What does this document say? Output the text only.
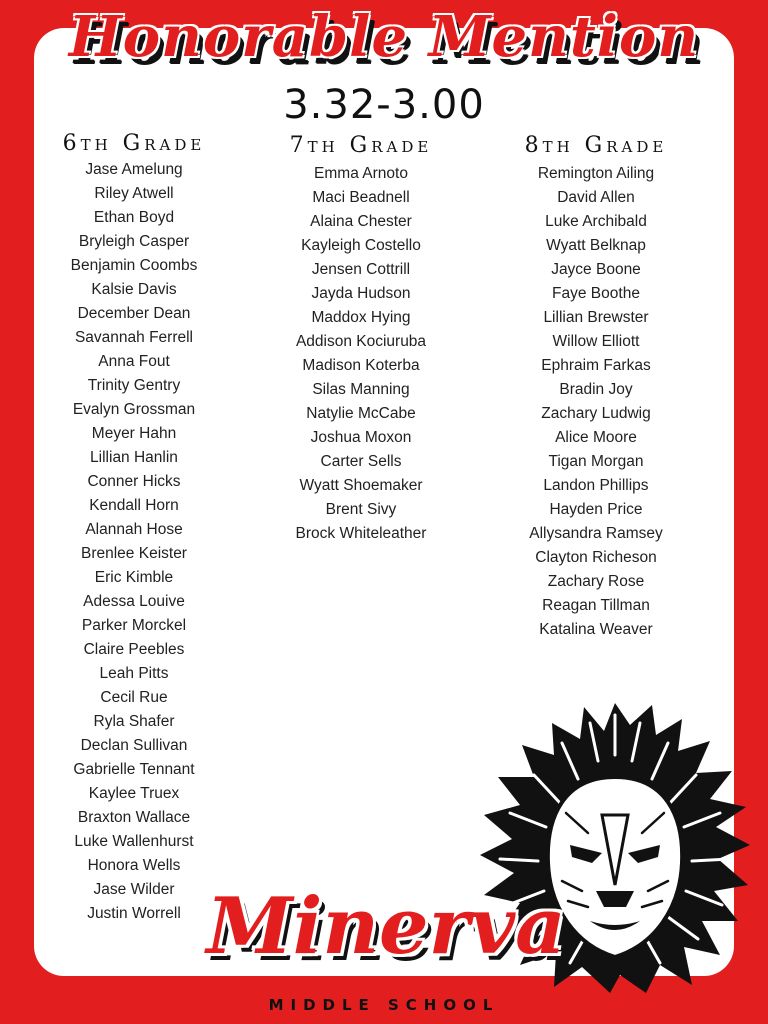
Honorable Mention
3.32-3.00
6th Grade
Jase Amelung
Riley Atwell
Ethan Boyd
Bryleigh Casper
Benjamin Coombs
Kalsie Davis
December Dean
Savannah Ferrell
Anna Fout
Trinity Gentry
Evalyn Grossman
Meyer Hahn
Lillian Hanlin
Conner Hicks
Kendall Horn
Alannah Hose
Brenlee Keister
Eric Kimble
Adessa Louive
Parker Morckel
Claire Peebles
Leah Pitts
Cecil Rue
Ryla Shafer
Declan Sullivan
Gabrielle Tennant
Kaylee Truex
Braxton Wallace
Luke Wallenhurst
Honora Wells
Jase Wilder
Justin Worrell
7th Grade
Emma Arnoto
Maci Beadnell
Alaina Chester
Kayleigh Costello
Jensen Cottrill
Jayda Hudson
Maddox Hying
Addison Kociuruba
Madison Koterba
Silas Manning
Natylie McCabe
Joshua Moxon
Carter Sells
Wyatt Shoemaker
Brent Sivy
Brock Whiteleather
8th Grade
Remington Ailing
David Allen
Luke Archibald
Wyatt Belknap
Jayce Boone
Faye Boothe
Lillian Brewster
Willow Elliott
Ephraim Farkas
Bradin Joy
Zachary Ludwig
Alice Moore
Tigan Morgan
Landon Phillips
Hayden Price
Allysandra Ramsey
Clayton Richeson
Zachary Rose
Reagan Tillman
Katalina Weaver
Minerva
MIDDLE SCHOOL
